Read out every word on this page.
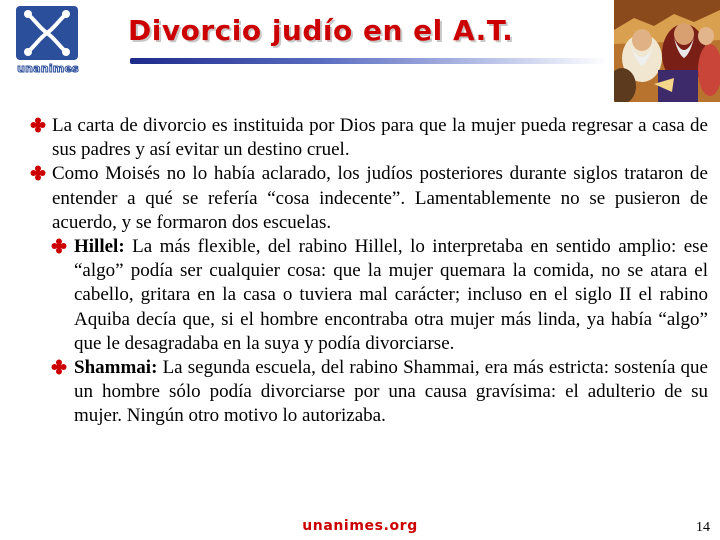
unanimes
Divorcio judío en el A.T.

La carta de divorcio es instituida por Dios para que la mujer pueda regresar a casa de sus padres y así evitar un destino cruel.

Como Moisés no lo había aclarado, los judíos posteriores durante siglos trataron de entender a qué se refería “cosa indecente”. Lamentablemente no se pusieron de acuerdo, y se formaron dos escuelas.

Hillel: La más flexible, del rabino Hillel, lo interpretaba en sentido amplio: ese “algo” podía ser cualquier cosa: que la mujer quemara la comida, no se atara el cabello, gritara en la casa o tuviera mal carácter; incluso en el siglo II el rabino Aquiba decía que, si el hombre encontraba otra mujer más linda, ya había “algo” que le desagradaba en la suya y podía divorciarse.

Shammai: La segunda escuela, del rabino Shammai, era más estricta: sostenía que un hombre sólo podía divorciarse por una causa gravísima: el adulterio de su mujer. Ningún otro motivo lo autorizaba.

unanimes.org	14
